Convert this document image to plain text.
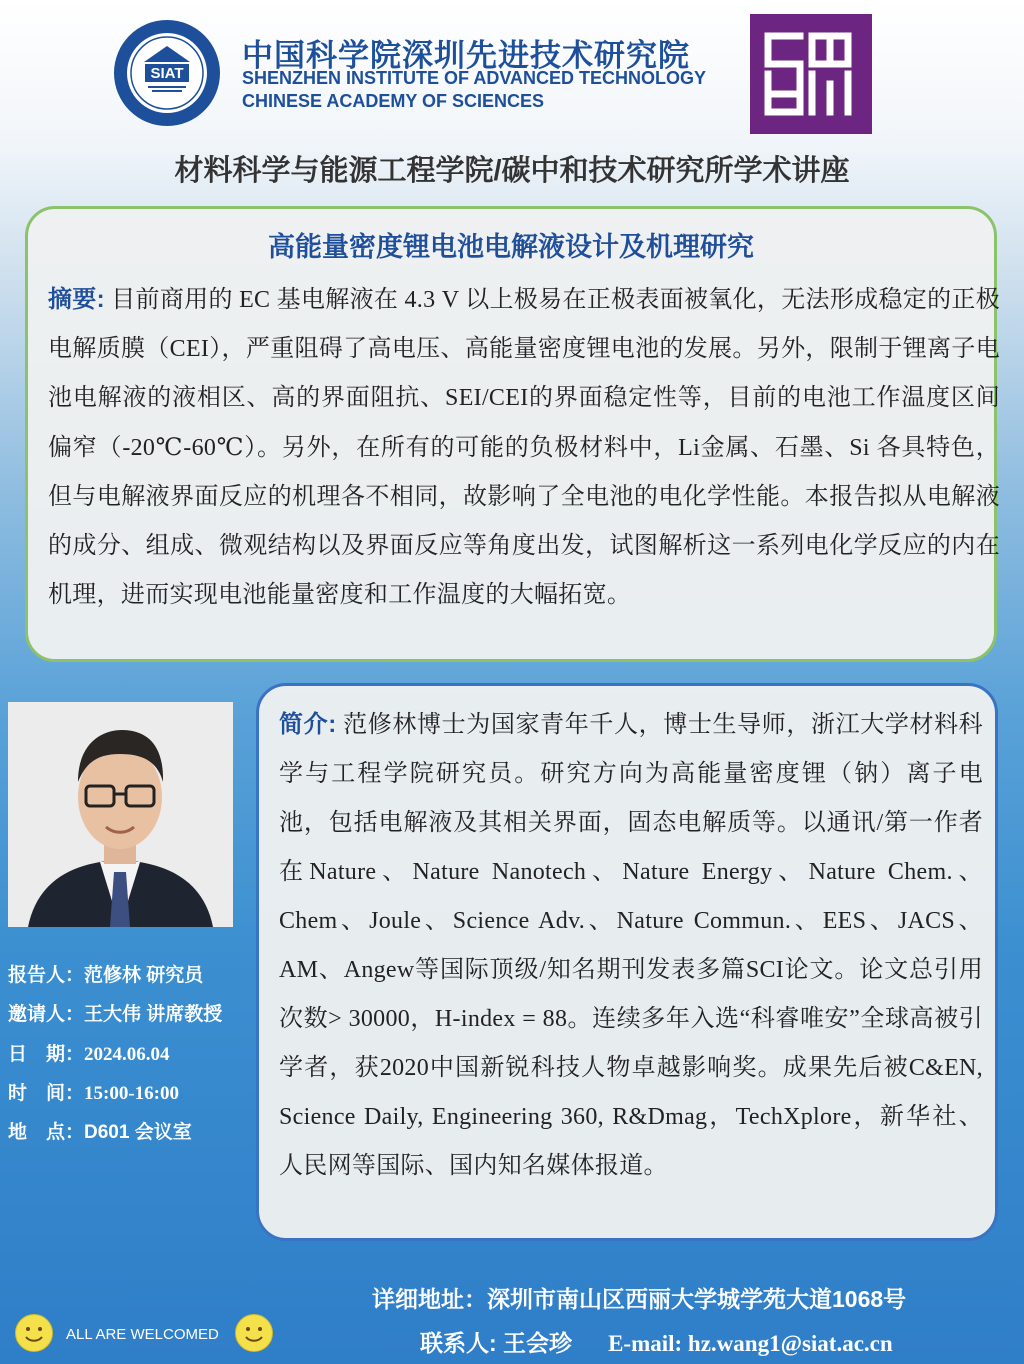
SIAT
中国科学院深圳先进技术研究院
SHENZHEN INSTITUTE OF ADVANCED TECHNOLOGY
CHINESE ACADEMY OF SCIENCES
材料科学与能源工程学院/碳中和技术研究所学术讲座
高能量密度锂电池电解液设计及机理研究
摘要: 目前商用的 EC 基电解液在 4.3 V 以上极易在正极表面被氧化，无法形成稳定的正极电解质膜（CEI），严重阻碍了高电压、高能量密度锂电池的发展。另外，限制于锂离子电池电解液的液相区、高的界面阻抗、SEI/CEI的界面稳定性等，目前的电池工作温度区间偏窄（-20℃-60℃）。另外，在所有的可能的负极材料中，Li金属、石墨、Si 各具特色，但与电解液界面反应的机理各不相同，故影响了全电池的电化学性能。本报告拟从电解液的成分、组成、微观结构以及界面反应等角度出发，试图解析这一系列电化学反应的内在机理，进而实现电池能量密度和工作温度的大幅拓宽。
报告人：范修林 研究员
邀请人：王大伟 讲席教授
日　期：2024.06.04
时　间：15:00-16:00
地　点：D601 会议室
简介: 范修林博士为国家青年千人，博士生导师，浙江大学材料科学与工程学院研究员。研究方向为高能量密度锂（钠）离子电池，包括电解液及其相关界面，固态电解质等。以通讯/第一作者在Nature、Nature Nanotech、Nature Energy、Nature Chem.、Chem、Joule、Science Adv.、Nature Commun.、EES、JACS、AM、Angew等国际顶级/知名期刊发表多篇SCI论文。论文总引用次数> 30000，H-index = 88。连续多年入选“科睿唯安”全球高被引学者，获2020中国新锐科技人物卓越影响奖。成果先后被C&EN, Science Daily, Engineering 360, R&Dmag，TechXplore，新华社、人民网等国际、国内知名媒体报道。
详细地址：深圳市南山区西丽大学城学苑大道1068号
联系人: 王会珍 E-mail: hz.wang1@siat.ac.cn
ALL ARE WELCOMED
